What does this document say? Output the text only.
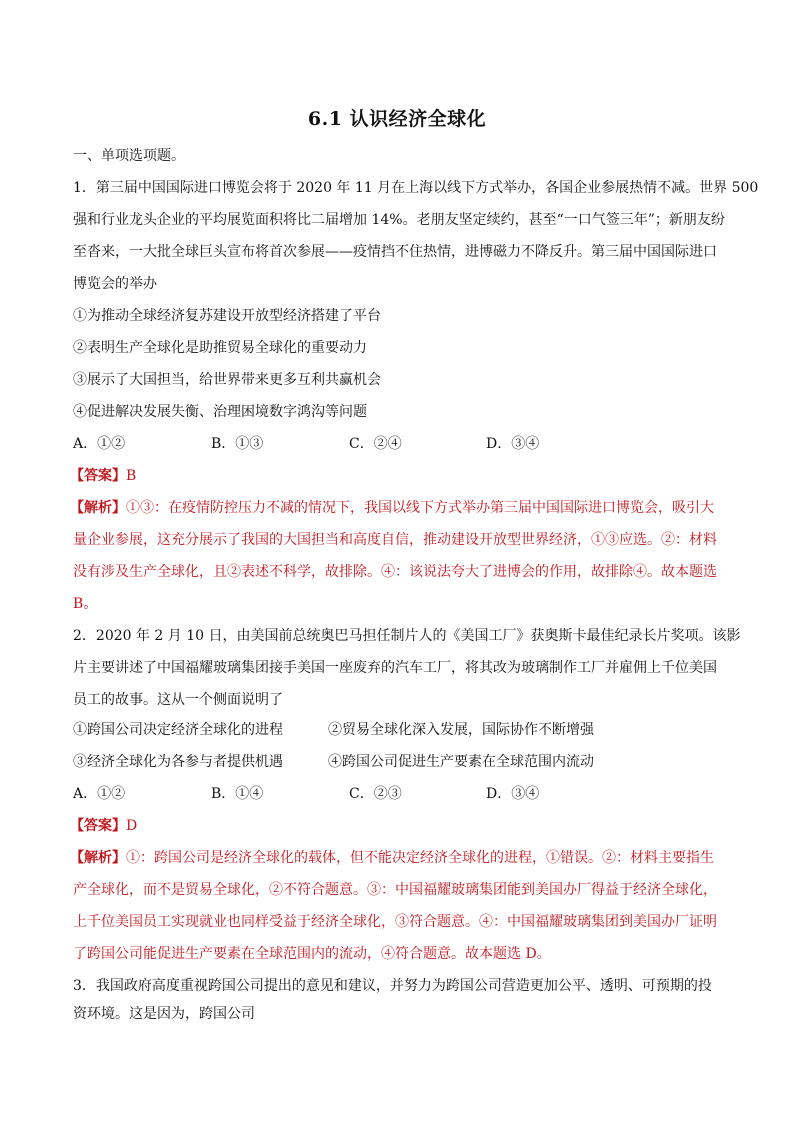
6.1 认识经济全球化
一、单项选项题。
1．第三届中国国际进口博览会将于 2020 年 11 月在上海以线下方式举办，各国企业参展热情不减。世界 500
强和行业龙头企业的平均展览面积将比二届增加 14%。老朋友坚定续约，甚至“一口气签三年”；新朋友纷
至沓来，一大批全球巨头宣布将首次参展——疫情挡不住热情，进博磁力不降反升。第三届中国国际进口
博览会的举办
①为推动全球经济复苏建设开放型经济搭建了平台
②表明生产全球化是助推贸易全球化的重要动力
③展示了大国担当，给世界带来更多互利共赢机会
④促进解决发展失衡、治理困境数字鸿沟等问题
A．①②	B．①③	C．②④	D．③④
【答案】B
【解析】①③：在疫情防控压力不减的情况下，我国以线下方式举办第三届中国国际进口博览会，吸引大
量企业参展，这充分展示了我国的大国担当和高度自信，推动建设开放型世界经济，①③应选。②：材料
没有涉及生产全球化，且②表述不科学，故排除。④：该说法夸大了进博会的作用，故排除④。故本题选
B。
2．2020 年 2 月 10 日，由美国前总统奥巴马担任制片人的《美国工厂》获奥斯卡最佳纪录长片奖项。该影
片主要讲述了中国福耀玻璃集团接手美国一座废弃的汽车工厂，将其改为玻璃制作工厂并雇佣上千位美国
员工的故事。这从一个侧面说明了
①跨国公司决定经济全球化的进程	②贸易全球化深入发展，国际协作不断增强
③经济全球化为各参与者提供机遇	④跨国公司促进生产要素在全球范围内流动
A．①②	B．①④	C．②③	D．③④
【答案】D
【解析】①：跨国公司是经济全球化的载体，但不能决定经济全球化的进程，①错误。②：材料主要指生
产全球化，而不是贸易全球化，②不符合题意。③：中国福耀玻璃集团能到美国办厂得益于经济全球化，
上千位美国员工实现就业也同样受益于经济全球化，③符合题意。④：中国福耀玻璃集团到美国办厂证明
了跨国公司能促进生产要素在全球范围内的流动，④符合题意。故本题选 D。
3．我国政府高度重视跨国公司提出的意见和建议，并努力为跨国公司营造更加公平、透明、可预期的投
资环境。这是因为，跨国公司
